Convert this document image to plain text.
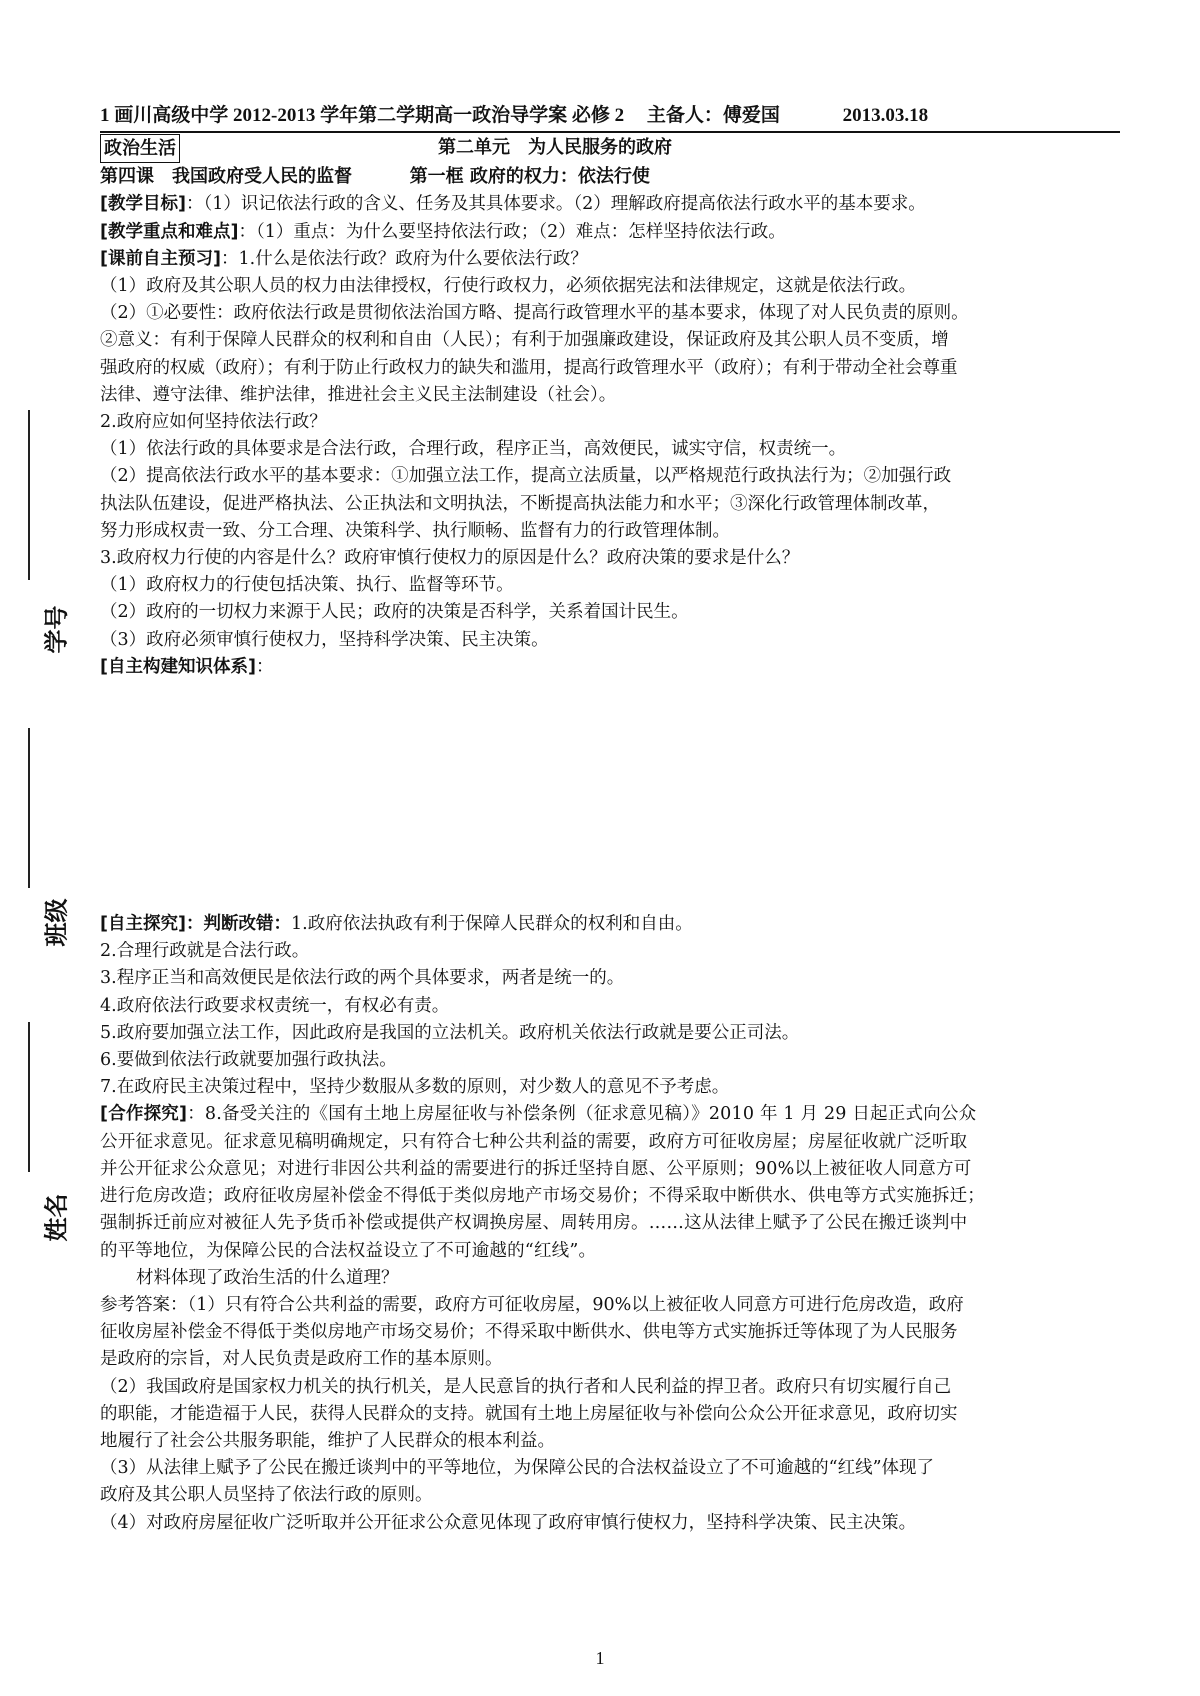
学号
班级
姓名
1 画川高级中学 2012-2013 学年第二学期高一政治导学案 必修 2 主备人：傅爱国	2013.03.18
政治生活	第二单元　为人民服务的政府
第四课　我国政府受人民的监督	第一框 政府的权力：依法行使
[教学目标]：（1）识记依法行政的含义、任务及其具体要求。（2）理解政府提高依法行政水平的基本要求。
[教学重点和难点]：（1）重点：为什么要坚持依法行政；（2）难点：怎样坚持依法行政。
[课前自主预习]：1.什么是依法行政？政府为什么要依法行政？
（1）政府及其公职人员的权力由法律授权，行使行政权力，必须依据宪法和法律规定，这就是依法行政。
（2）①必要性：政府依法行政是贯彻依法治国方略、提高行政管理水平的基本要求，体现了对人民负责的原则。
②意义：有利于保障人民群众的权利和自由（人民）；有利于加强廉政建设，保证政府及其公职人员不变质，增
强政府的权威（政府）；有利于防止行政权力的缺失和滥用，提高行政管理水平（政府）；有利于带动全社会尊重
法律、遵守法律、维护法律，推进社会主义民主法制建设（社会）。
2.政府应如何坚持依法行政？
（1）依法行政的具体要求是合法行政，合理行政，程序正当，高效便民，诚实守信，权责统一。
（2）提高依法行政水平的基本要求：①加强立法工作，提高立法质量，以严格规范行政执法行为；②加强行政
执法队伍建设，促进严格执法、公正执法和文明执法，不断提高执法能力和水平；③深化行政管理体制改革，
努力形成权责一致、分工合理、决策科学、执行顺畅、监督有力的行政管理体制。
3.政府权力行使的内容是什么？政府审慎行使权力的原因是什么？政府决策的要求是什么？
（1）政府权力的行使包括决策、执行、监督等环节。
（2）政府的一切权力来源于人民；政府的决策是否科学，关系着国计民生。
（3）政府必须审慎行使权力，坚持科学决策、民主决策。
[自主构建知识体系]：
[自主探究]：判断改错：1.政府依法执政有利于保障人民群众的权利和自由。
2.合理行政就是合法行政。
3.程序正当和高效便民是依法行政的两个具体要求，两者是统一的。
4.政府依法行政要求权责统一，有权必有责。
5.政府要加强立法工作，因此政府是我国的立法机关。政府机关依法行政就是要公正司法。
6.要做到依法行政就要加强行政执法。
7.在政府民主决策过程中，坚持少数服从多数的原则，对少数人的意见不予考虑。
[合作探究]：8.备受关注的《国有土地上房屋征收与补偿条例（征求意见稿）》2010 年 1 月 29 日起正式向公众
公开征求意见。征求意见稿明确规定，只有符合七种公共利益的需要，政府方可征收房屋；房屋征收就广泛听取
并公开征求公众意见；对进行非因公共利益的需要进行的拆迁坚持自愿、公平原则；90%以上被征收人同意方可
进行危房改造；政府征收房屋补偿金不得低于类似房地产市场交易价；不得采取中断供水、供电等方式实施拆迁；
强制拆迁前应对被征人先予货币补偿或提供产权调换房屋、周转用房。……这从法律上赋予了公民在搬迁谈判中
的平等地位，为保障公民的合法权益设立了不可逾越的“红线”。
材料体现了政治生活的什么道理？
参考答案：（1）只有符合公共利益的需要，政府方可征收房屋，90%以上被征收人同意方可进行危房改造，政府
征收房屋补偿金不得低于类似房地产市场交易价；不得采取中断供水、供电等方式实施拆迁等体现了为人民服务
是政府的宗旨，对人民负责是政府工作的基本原则。
（2）我国政府是国家权力机关的执行机关，是人民意旨的执行者和人民利益的捍卫者。政府只有切实履行自己
的职能，才能造福于人民，获得人民群众的支持。就国有土地上房屋征收与补偿向公众公开征求意见，政府切实
地履行了社会公共服务职能，维护了人民群众的根本利益。
（3）从法律上赋予了公民在搬迁谈判中的平等地位，为保障公民的合法权益设立了不可逾越的“红线”体现了
政府及其公职人员坚持了依法行政的原则。
（4）对政府房屋征收广泛听取并公开征求公众意见体现了政府审慎行使权力，坚持科学决策、民主决策。
1
